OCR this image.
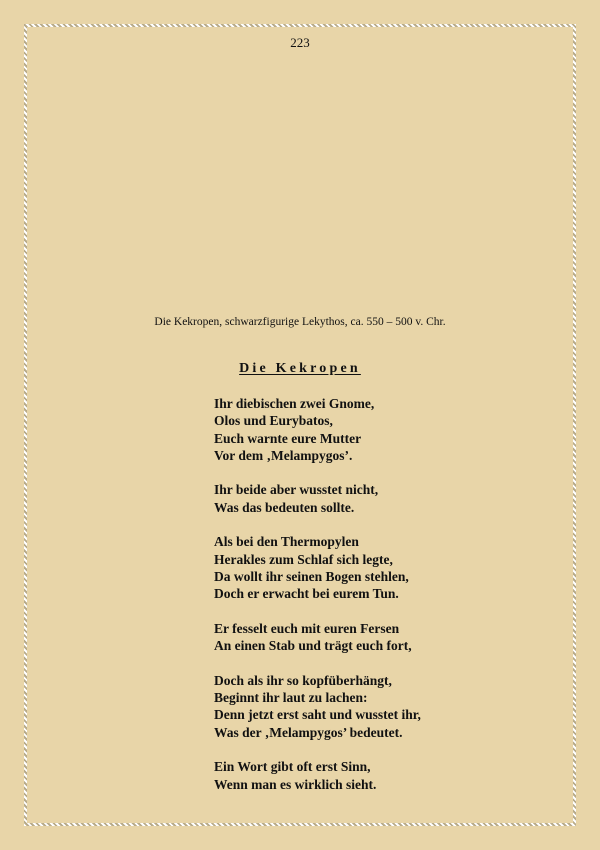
223
Die Kekropen, schwarzfigurige Lekythos, ca. 550 – 500 v. Chr.
Die Kekropen
Ihr diebischen zwei Gnome,
Olos und Eurybatos,
Euch warnte eure Mutter
Vor dem ‚Melampygos’.
Ihr beide aber wusstet nicht,
Was das bedeuten sollte.
Als bei den Thermopylen
Herakles zum Schlaf sich legte,
Da wollt ihr seinen Bogen stehlen,
Doch er erwacht bei eurem Tun.
Er fesselt euch mit euren Fersen
An einen Stab und trägt euch fort,
Doch als ihr so kopfüberhängt,
Beginnt ihr laut zu lachen:
Denn jetzt erst saht und wusstet ihr,
Was der ‚Melampygos’ bedeutet.
Ein Wort gibt oft erst Sinn,
Wenn man es wirklich sieht.
